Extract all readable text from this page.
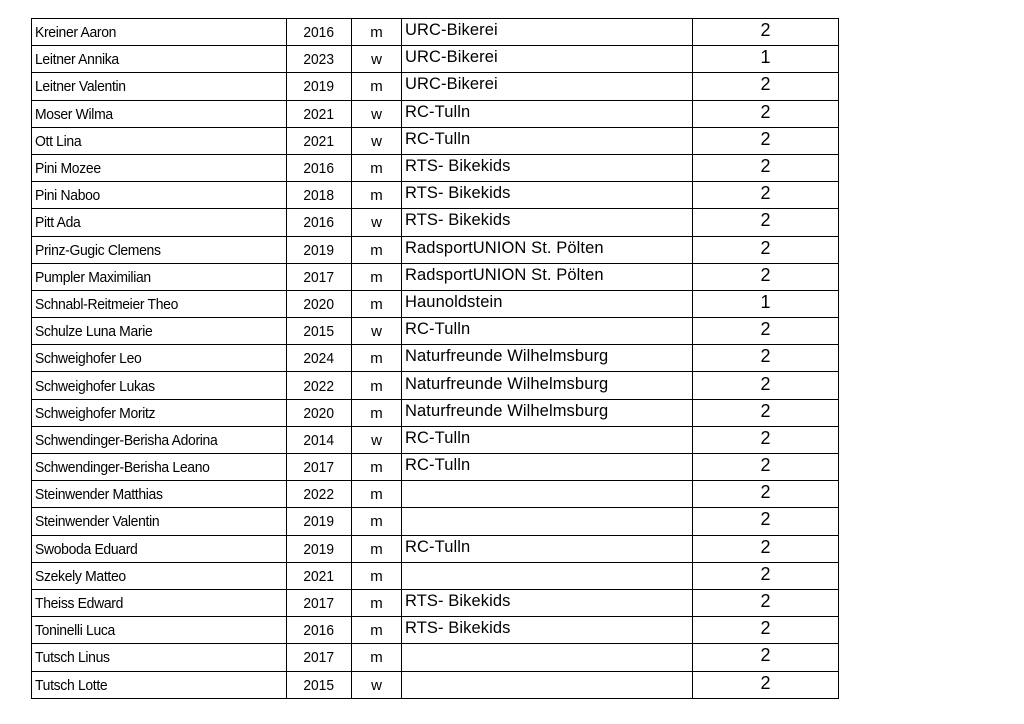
Kreiner Aaron	2016	m	URC-Bikerei	2
Leitner Annika	2023	w	URC-Bikerei	1
Leitner Valentin	2019	m	URC-Bikerei	2
Moser Wilma	2021	w	RC-Tulln	2
Ott Lina	2021	w	RC-Tulln	2
Pini Mozee	2016	m	RTS- Bikekids	2
Pini Naboo	2018	m	RTS- Bikekids	2
Pitt Ada	2016	w	RTS- Bikekids	2
Prinz-Gugic Clemens	2019	m	RadsportUNION St. Pölten	2
Pumpler Maximilian	2017	m	RadsportUNION St. Pölten	2
Schnabl-Reitmeier Theo	2020	m	Haunoldstein	1
Schulze Luna Marie	2015	w	RC-Tulln	2
Schweighofer Leo	2024	m	Naturfreunde Wilhelmsburg	2
Schweighofer Lukas	2022	m	Naturfreunde Wilhelmsburg	2
Schweighofer Moritz	2020	m	Naturfreunde Wilhelmsburg	2
Schwendinger-Berisha Adorina	2014	w	RC-Tulln	2
Schwendinger-Berisha Leano	2017	m	RC-Tulln	2
Steinwender Matthias	2022	m		2
Steinwender Valentin	2019	m		2
Swoboda Eduard	2019	m	RC-Tulln	2
Szekely Matteo	2021	m		2
Theiss Edward	2017	m	RTS- Bikekids	2
Toninelli Luca	2016	m	RTS- Bikekids	2
Tutsch Linus	2017	m		2
Tutsch Lotte	2015	w		2
